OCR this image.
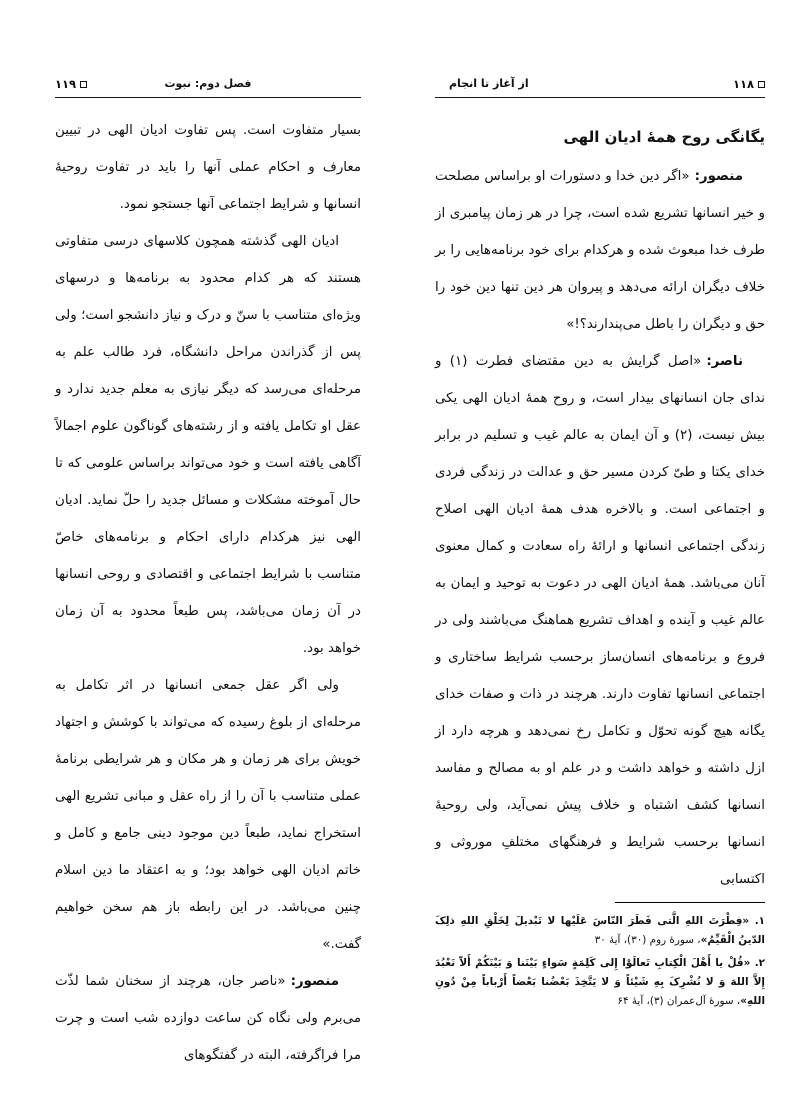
از آغاز تا انجام	۱۱۸
یگانگی روح همهٔ ادیان الهی

منصور:«اگر دین خدا و دستورات او براساس مصلحت و خیر انسانها تشریع شده است، چرا در هر زمان پیامبری از طرف خدا مبعوث شده و هرکدام برای خود برنامه‌هایی را بر خلاف دیگران ارائه می‌دهد و پیروان هر دین تنها دین خود را حق و دیگران را باطل می‌پندارند؟!»

ناصر:«اصل گرایش به دین مقتضای فطرت (۱) و ندای جان انسانهای بیدار است، و روح همهٔ ادیان الهی یکی بیش نیست، (۲) و آن ایمان به عالم غیب و تسلیم در برابر خدای یکتا و طیّ کردن مسیر حق و عدالت در زندگی فردی و اجتماعی است. و بالاخره هدف همهٔ ادیان الهی اصلاح زندگی اجتماعی انسانها و ارائهٔ راه سعادت و کمال معنوی آنان می‌باشد. همهٔ ادیان الهی در دعوت به توحید و ایمان به عالم غیب و آینده و اهداف تشریع هماهنگ می‌باشند ولی در فروع و برنامه‌های انسان‌ساز برحسب شرایط ساختاری و اجتماعی انسانها تفاوت دارند. هرچند در ذات و صفات خدای یگانه هیچ گونه تحوّل و تکامل رخ نمی‌دهد و هرچه دارد از ازل داشته و خواهد داشت و در علم او به مصالح و مفاسد انسانها کشف اشتباه و خلاف پیش نمی‌آید، ولی روحیهٔ انسانها برحسب شرایط و فرهنگهای مختلفِ موروثی و اکتسابی

۱. «فِطْرَتَ اللهِ الَّتی فَطَرَ النّاسَ عَلَیْها لا تَبْدیلَ لِخَلْقِ اللهِ ذلِکَ الدّینُ الْقَیِّمُ»، سورهٔ روم (۳۰)، آیهٔ ۳۰

۲. «قُلْ یا أَهْلَ الْکِتابِ تَعالَوْا إِلی کَلِمَةٍ سَواءٍ بَیْنَنا وَ بَیْنَکُمْ أَلاّ نَعْبُدَ إِلاَّ اللهَ وَ لا نُشْرِکَ بِهِ شَیْئاً وَ لا یَتَّخِذَ بَعْضُنا بَعْضاً أَرْباباً مِنْ دُونِ اللهِ»، سورهٔ آل‌عمران (۳)، آیهٔ ۶۴

۱۱۹	فصل دوم: نبوت

بسیار متفاوت است. پس تفاوت ادیان الهی در تبیین معارف و احکام عملی آنها را باید در تفاوت روحیهٔ انسانها و شرایط اجتماعی آنها جستجو نمود.

ادیان الهی گذشته همچون کلاسهای درسی متفاوتی هستند که هر کدام محدود به برنامه‌ها و درسهای ویژه‌ای متناسب با سنّ و درک و نیاز دانشجو است؛ ولی پس از گذراندن مراحل دانشگاه، فرد طالب علم به مرحله‌ای می‌رسد که دیگر نیازی به معلم جدید ندارد و عقل او تکامل یافته و از رشته‌های گوناگون علوم اجمالاً آگاهی یافته است و خود می‌تواند براساس علومی که تا حال آموخته مشکلات و مسائل جدید را حلّ نماید. ادیان الهی نیز هرکدام دارای احکام و برنامه‌های خاصّ متناسب با شرایط اجتماعی و اقتصادی و روحی انسانها در آن زمان می‌باشد، پس طبعاً محدود به آن زمان خواهد بود.

ولی اگر عقل جمعی انسانها در اثر تکامل به مرحله‌ای از بلوغ رسیده که می‌تواند با کوشش و اجتهاد خویش برای هر زمان و هر مکان و هر شرایطی برنامهٔ عملی متناسب با آن را از راه عقل و مبانی تشریع الهی استخراج نماید، طبعاً دین موجود دینی جامع و کامل و خاتم ادیان الهی خواهد بود؛ و به اعتقاد ما دین اسلام چنین می‌باشد. در این رابطه باز هم سخن خواهیم گفت.»

منصور:«ناصر جان، هرچند از سخنان شما لذّت می‌برم ولی نگاه کن ساعت دوازده شب است و چرت مرا فراگرفته، البته در گفتگوهای
